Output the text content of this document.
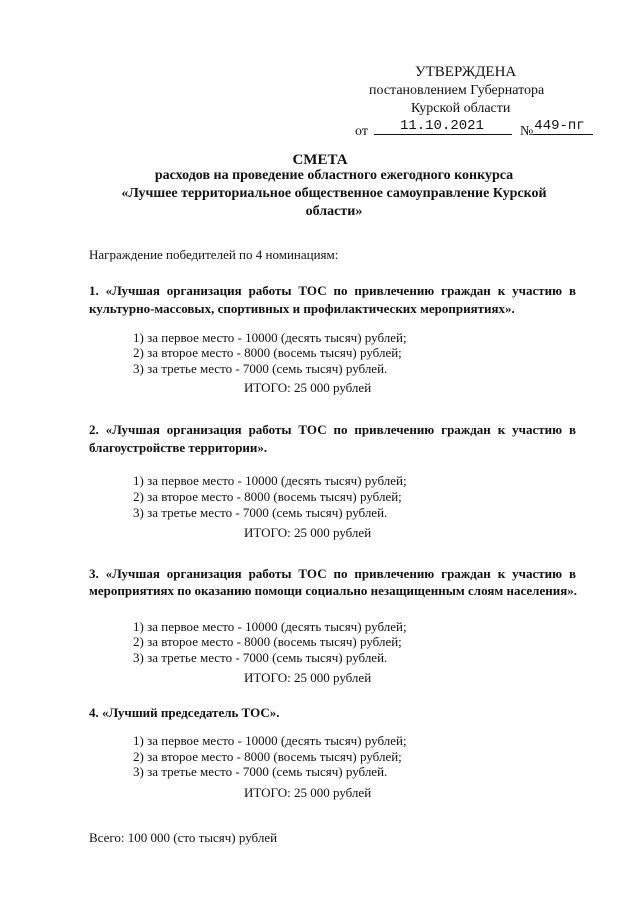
УТВЕРЖДЕНА
постановлением Губернатора
Курской области
от 11.10.2021	№ 449-пг
СМЕТА
расходов на проведение областного ежегодного конкурса
«Лучшее территориальное общественное самоуправление Курской
области»
Награждение победителей по 4 номинациям:
1. «Лучшая организация работы ТОС по привлечению граждан к участию в
культурно-массовых, спортивных и профилактических мероприятиях».
1) за первое место - 10000 (десять тысяч) рублей;
2) за второе место - 8000 (восемь тысяч) рублей;
3) за третье место - 7000 (семь тысяч) рублей.
ИТОГО: 25 000 рублей
2. «Лучшая организация работы ТОС по привлечению граждан к участию в
благоустройстве территории».
1) за первое место - 10000 (десять тысяч) рублей;
2) за второе место - 8000 (восемь тысяч) рублей;
3) за третье место - 7000 (семь тысяч) рублей.
ИТОГО: 25 000 рублей
3. «Лучшая организация работы ТОС по привлечению граждан к участию в
мероприятиях по оказанию помощи социально незащищенным слоям населения».
1) за первое место - 10000 (десять тысяч) рублей;
2) за второе место - 8000 (восемь тысяч) рублей;
3) за третье место - 7000 (семь тысяч) рублей.
ИТОГО: 25 000 рублей
4. «Лучший председатель ТОС».
1) за первое место - 10000 (десять тысяч) рублей;
2) за второе место - 8000 (восемь тысяч) рублей;
3) за третье место - 7000 (семь тысяч) рублей.
ИТОГО: 25 000 рублей
Всего: 100 000 (сто тысяч) рублей
